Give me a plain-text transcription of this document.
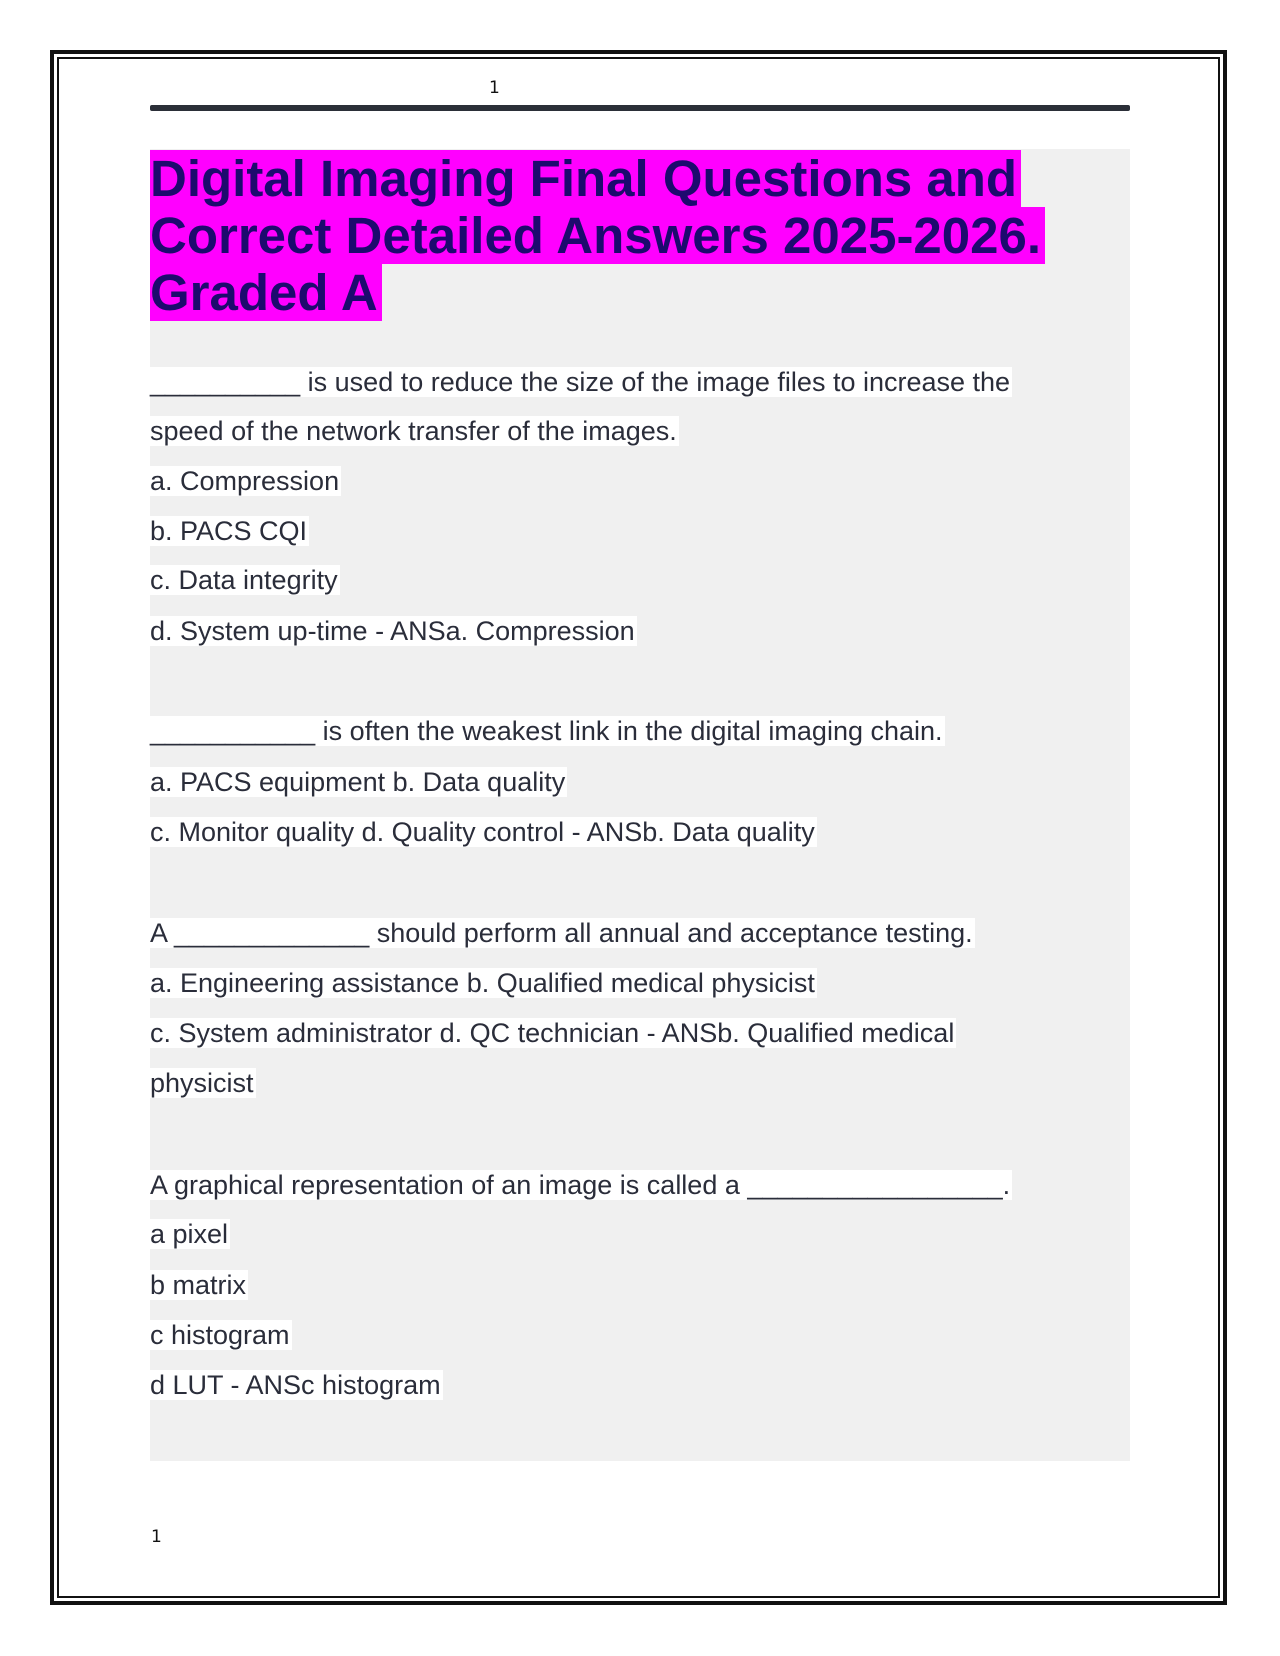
1
Digital Imaging Final Questions and
Correct Detailed Answers 2025-2026.
Graded A
__________ is used to reduce the size of the image files to increase the
speed of the network transfer of the images.
a. Compression
b. PACS CQI
c. Data integrity
d. System up-time - ANSa. Compression
___________ is often the weakest link in the digital imaging chain.
a. PACS equipment b. Data quality
c. Monitor quality d. Quality control - ANSb. Data quality
A _____________ should perform all annual and acceptance testing.
a. Engineering assistance b. Qualified medical physicist
c. System administrator d. QC technician - ANSb. Qualified medical
physicist
A graphical representation of an image is called a _________________.
a pixel
b matrix
c histogram
d LUT - ANSc histogram
1
